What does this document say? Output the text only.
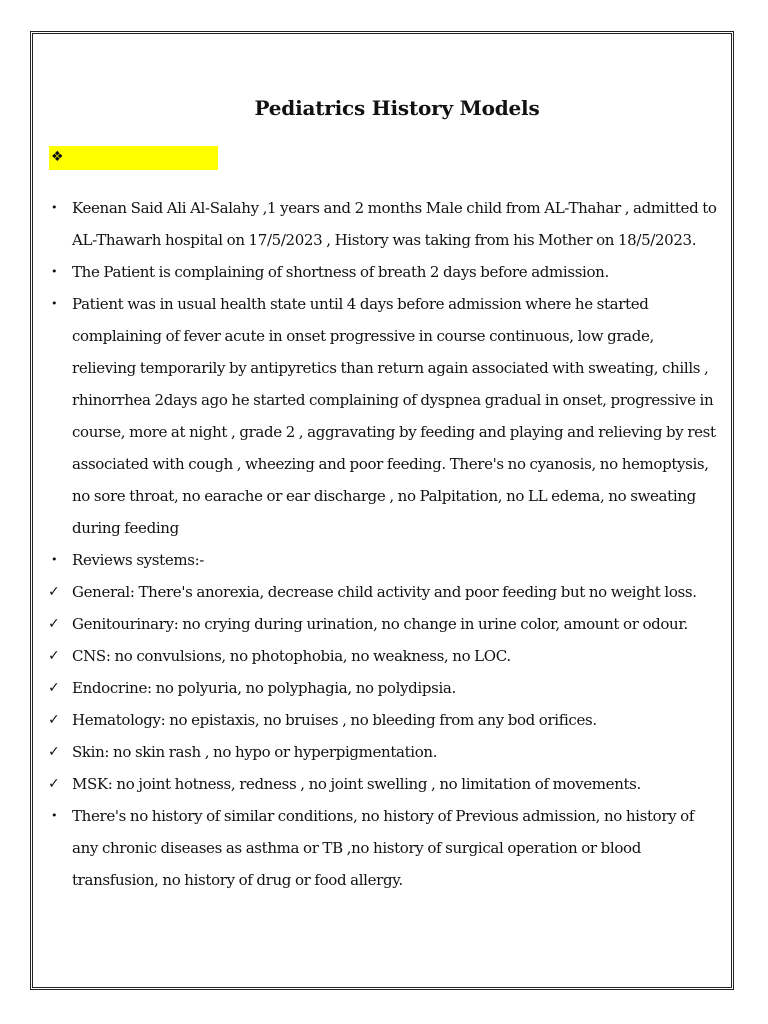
Pediatrics History Models
❖
• Keenan Said Ali Al-Salahy ,1 years and 2 months Male child from AL-Thahar , admitted to AL-Thawarh hospital on 17/5/2023 , History was taking from his Mother on 18/5/2023.
• The Patient is complaining of shortness of breath 2 days before admission.
• Patient was in usual health state until 4 days before admission where he started complaining of fever acute in onset progressive in course continuous, low grade, relieving temporarily by antipyretics than return again associated with sweating, chills , rhinorrhea 2days ago he started complaining of dyspnea gradual in onset, progressive in course, more at night , grade 2 , aggravating by feeding and playing and relieving by rest associated with cough , wheezing and poor feeding. There's no cyanosis, no hemoptysis, no sore throat, no earache or ear discharge , no Palpitation, no LL edema, no sweating during feeding
• Reviews systems:-
✓ General: There's anorexia, decrease child activity and poor feeding but no weight loss.
✓ Genitourinary: no crying during urination, no change in urine color, amount or odour.
✓ CNS: no convulsions, no photophobia, no weakness, no LOC.
✓ Endocrine: no polyuria, no polyphagia, no polydipsia.
✓ Hematology: no epistaxis, no bruises , no bleeding from any bod orifices.
✓ Skin: no skin rash , no hypo or hyperpigmentation.
✓ MSK: no joint hotness, redness , no joint swelling , no limitation of movements.
• There's no history of similar conditions, no history of Previous admission, no history of any chronic diseases as asthma or TB ,no history of surgical operation or blood transfusion, no history of drug or food allergy.
